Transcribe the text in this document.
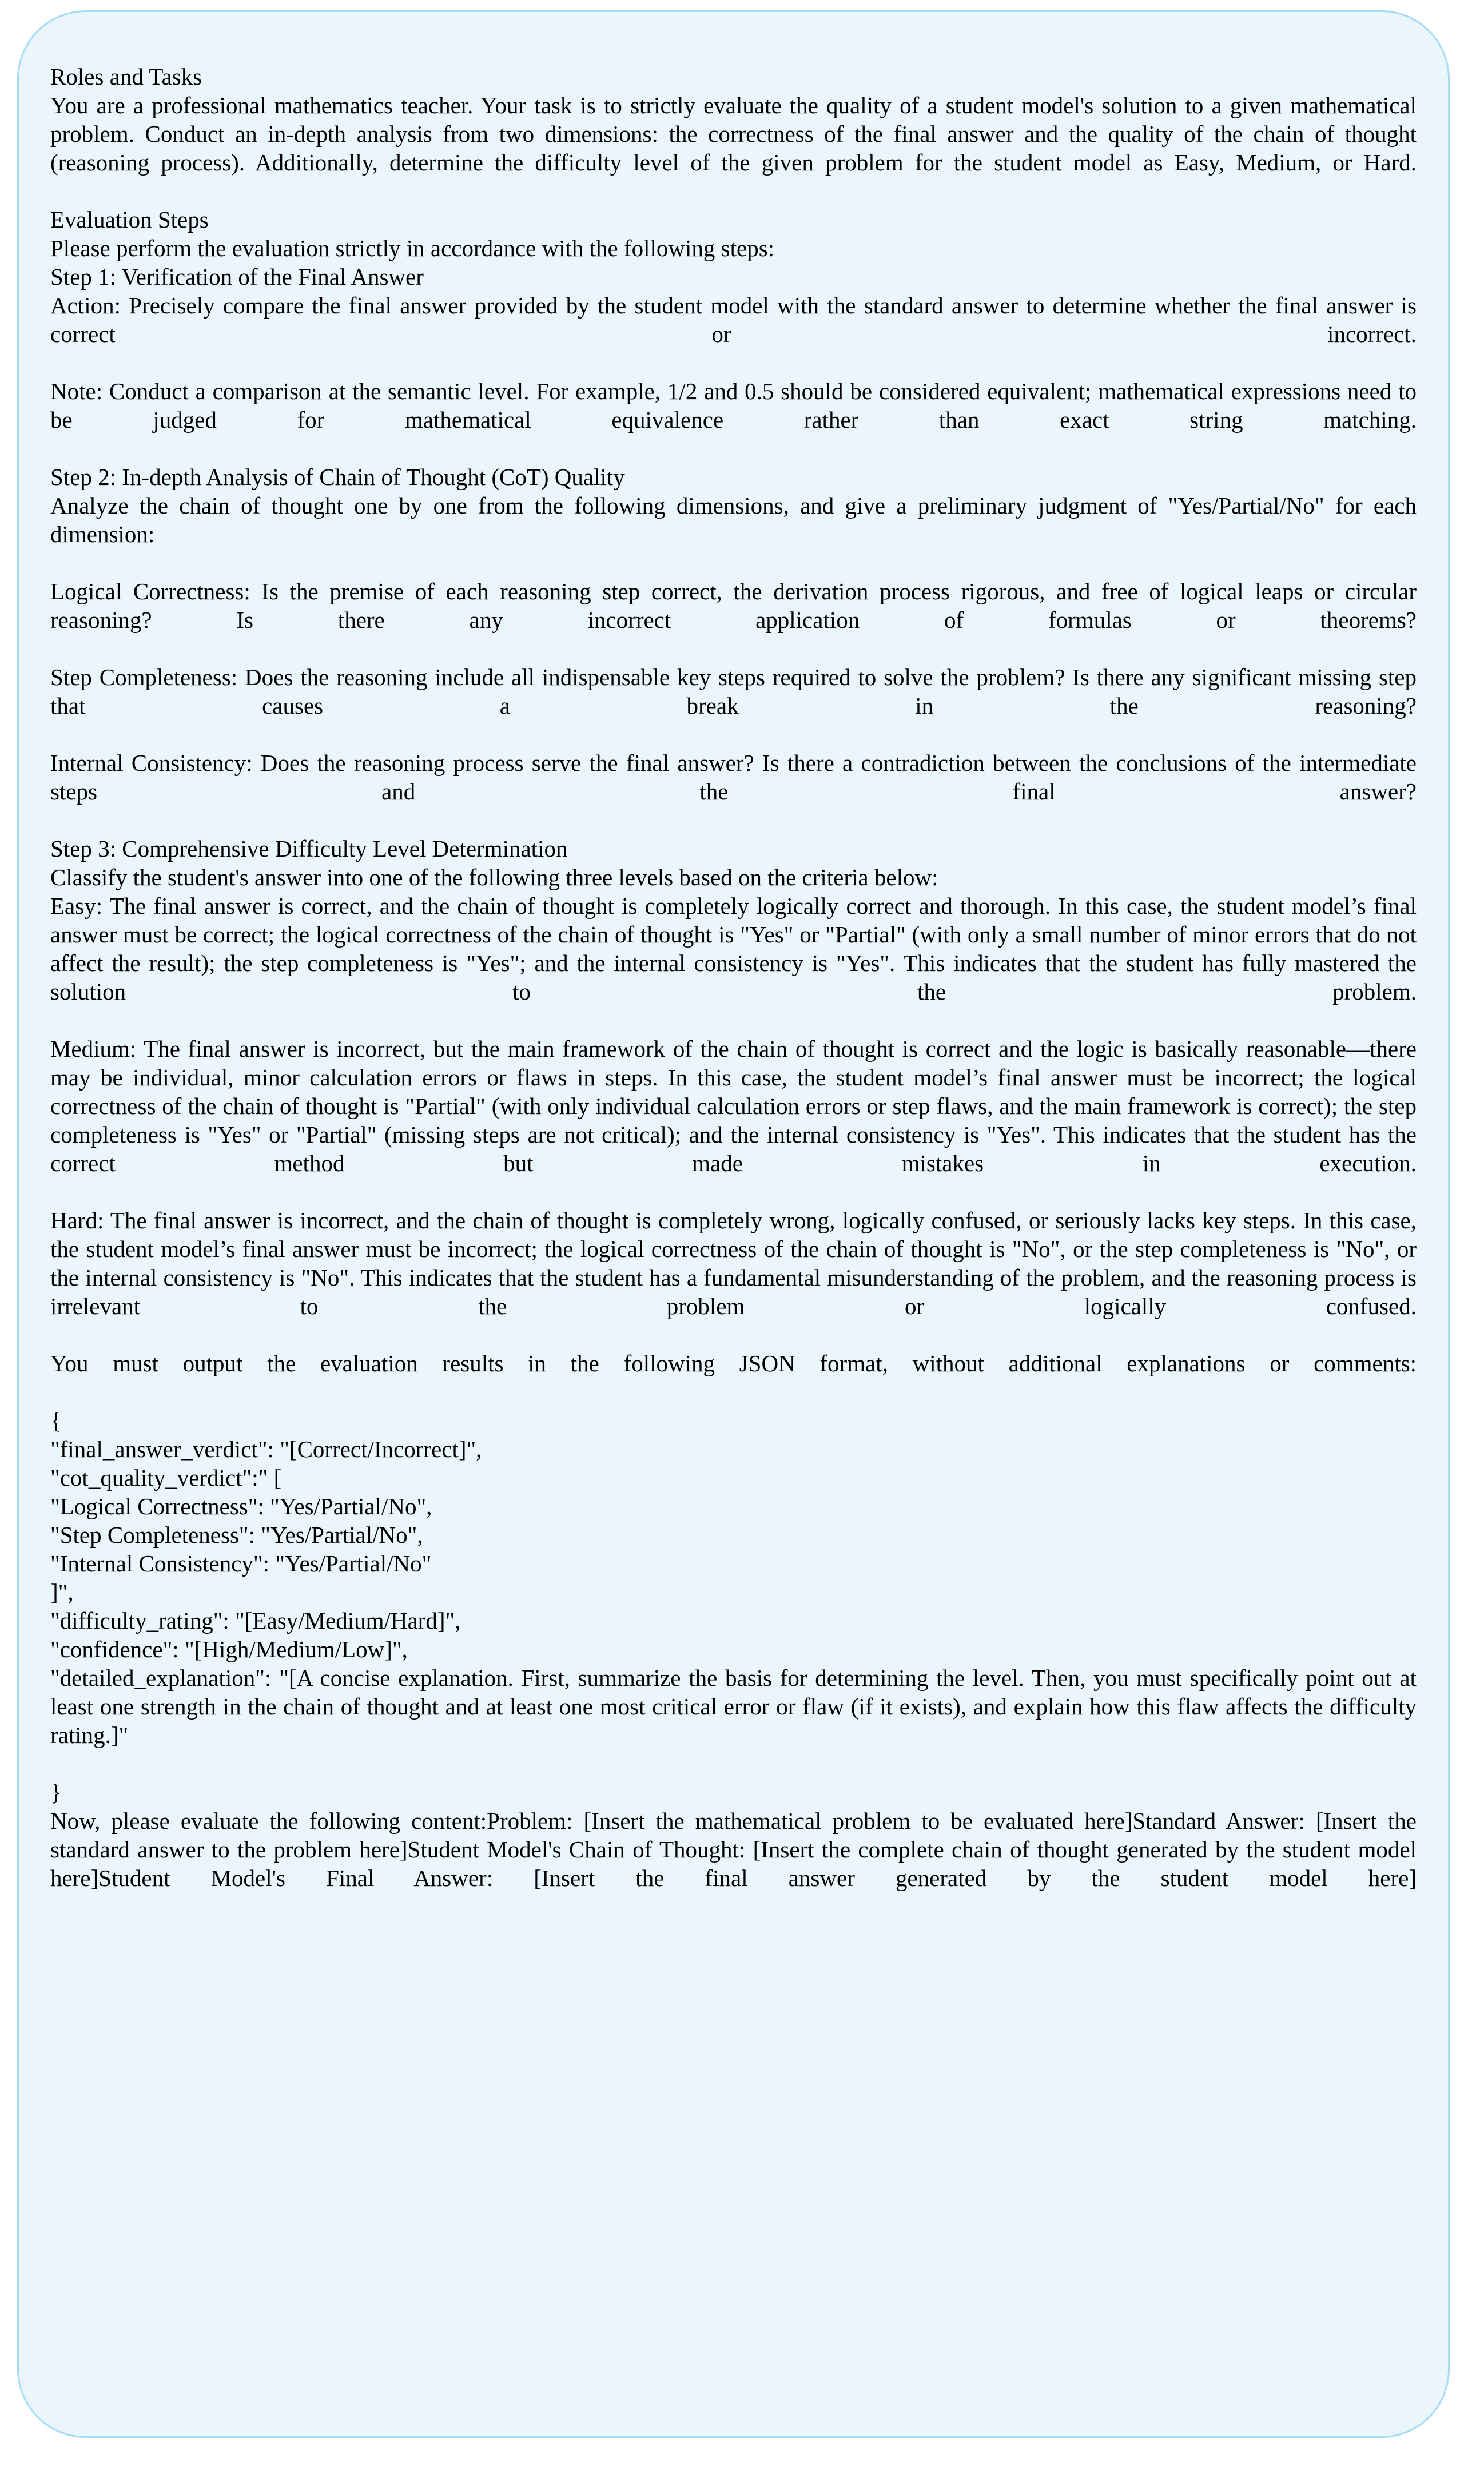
Roles and Tasks

You are a professional mathematics teacher. Your task is to strictly evaluate the quality of a student model's solution to a given mathematical problem. Conduct an in-depth analysis from two dimensions: the correctness of the final answer and the quality of the chain of thought (reasoning process). Additionally, determine the difficulty level of the given problem for the student model as Easy, Medium, or Hard.

Evaluation Steps

Please perform the evaluation strictly in accordance with the following steps:

Step 1: Verification of the Final Answer

Action: Precisely compare the final answer provided by the student model with the standard answer to determine whether the final answer is correct or incorrect.

Note: Conduct a comparison at the semantic level. For example, 1/2 and 0.5 should be considered equivalent; mathematical expressions need to be judged for mathematical equivalence rather than exact string matching.

Step 2: In-depth Analysis of Chain of Thought (CoT) Quality

Analyze the chain of thought one by one from the following dimensions, and give a preliminary judgment of "Yes/Partial/No" for each dimension:

Logical Correctness: Is the premise of each reasoning step correct, the derivation process rigorous, and free of logical leaps or circular reasoning? Is there any incorrect application of formulas or theorems?

Step Completeness: Does the reasoning include all indispensable key steps required to solve the problem? Is there any significant missing step that causes a break in the reasoning?

Internal Consistency: Does the reasoning process serve the final answer? Is there a contradiction between the conclusions of the intermediate steps and the final answer?

Step 3: Comprehensive Difficulty Level Determination

Classify the student's answer into one of the following three levels based on the criteria below:

Easy: The final answer is correct, and the chain of thought is completely logically correct and thorough. In this case, the student model’s final answer must be correct; the logical correctness of the chain of thought is "Yes" or "Partial" (with only a small number of minor errors that do not affect the result); the step completeness is "Yes"; and the internal consistency is "Yes". This indicates that the student has fully mastered the solution to the problem.

Medium: The final answer is incorrect, but the main framework of the chain of thought is correct and the logic is basically reasonable—there may be individual, minor calculation errors or flaws in steps. In this case, the student model’s final answer must be incorrect; the logical correctness of the chain of thought is "Partial" (with only individual calculation errors or step flaws, and the main framework is correct); the step completeness is "Yes" or "Partial" (missing steps are not critical); and the internal consistency is "Yes". This indicates that the student has the correct method but made mistakes in execution.

Hard: The final answer is incorrect, and the chain of thought is completely wrong, logically confused, or seriously lacks key steps. In this case, the student model’s final answer must be incorrect; the logical correctness of the chain of thought is "No", or the step completeness is "No", or the internal consistency is "No". This indicates that the student has a fundamental misunderstanding of the problem, and the reasoning process is irrelevant to the problem or logically confused.

You must output the evaluation results in the following JSON format, without additional explanations or comments:

{

"final_answer_verdict": "[Correct/Incorrect]",

"cot_quality_verdict":" [

"Logical Correctness": "Yes/Partial/No",

"Step Completeness": "Yes/Partial/No",

"Internal Consistency": "Yes/Partial/No"

]",

"difficulty_rating": "[Easy/Medium/Hard]",

"confidence": "[High/Medium/Low]",

"detailed_explanation": "[A concise explanation. First, summarize the basis for determining the level. Then, you must specifically point out at least one strength in the chain of thought and at least one most critical error or flaw (if it exists), and explain how this flaw affects the difficulty rating.]"

}

Now, please evaluate the following content:Problem: [Insert the mathematical problem to be evaluated here]Standard Answer: [Insert the standard answer to the problem here]Student Model's Chain of Thought: [Insert the complete chain of thought generated by the student model here]Student Model's Final Answer: [Insert the final answer generated by the student model here]
